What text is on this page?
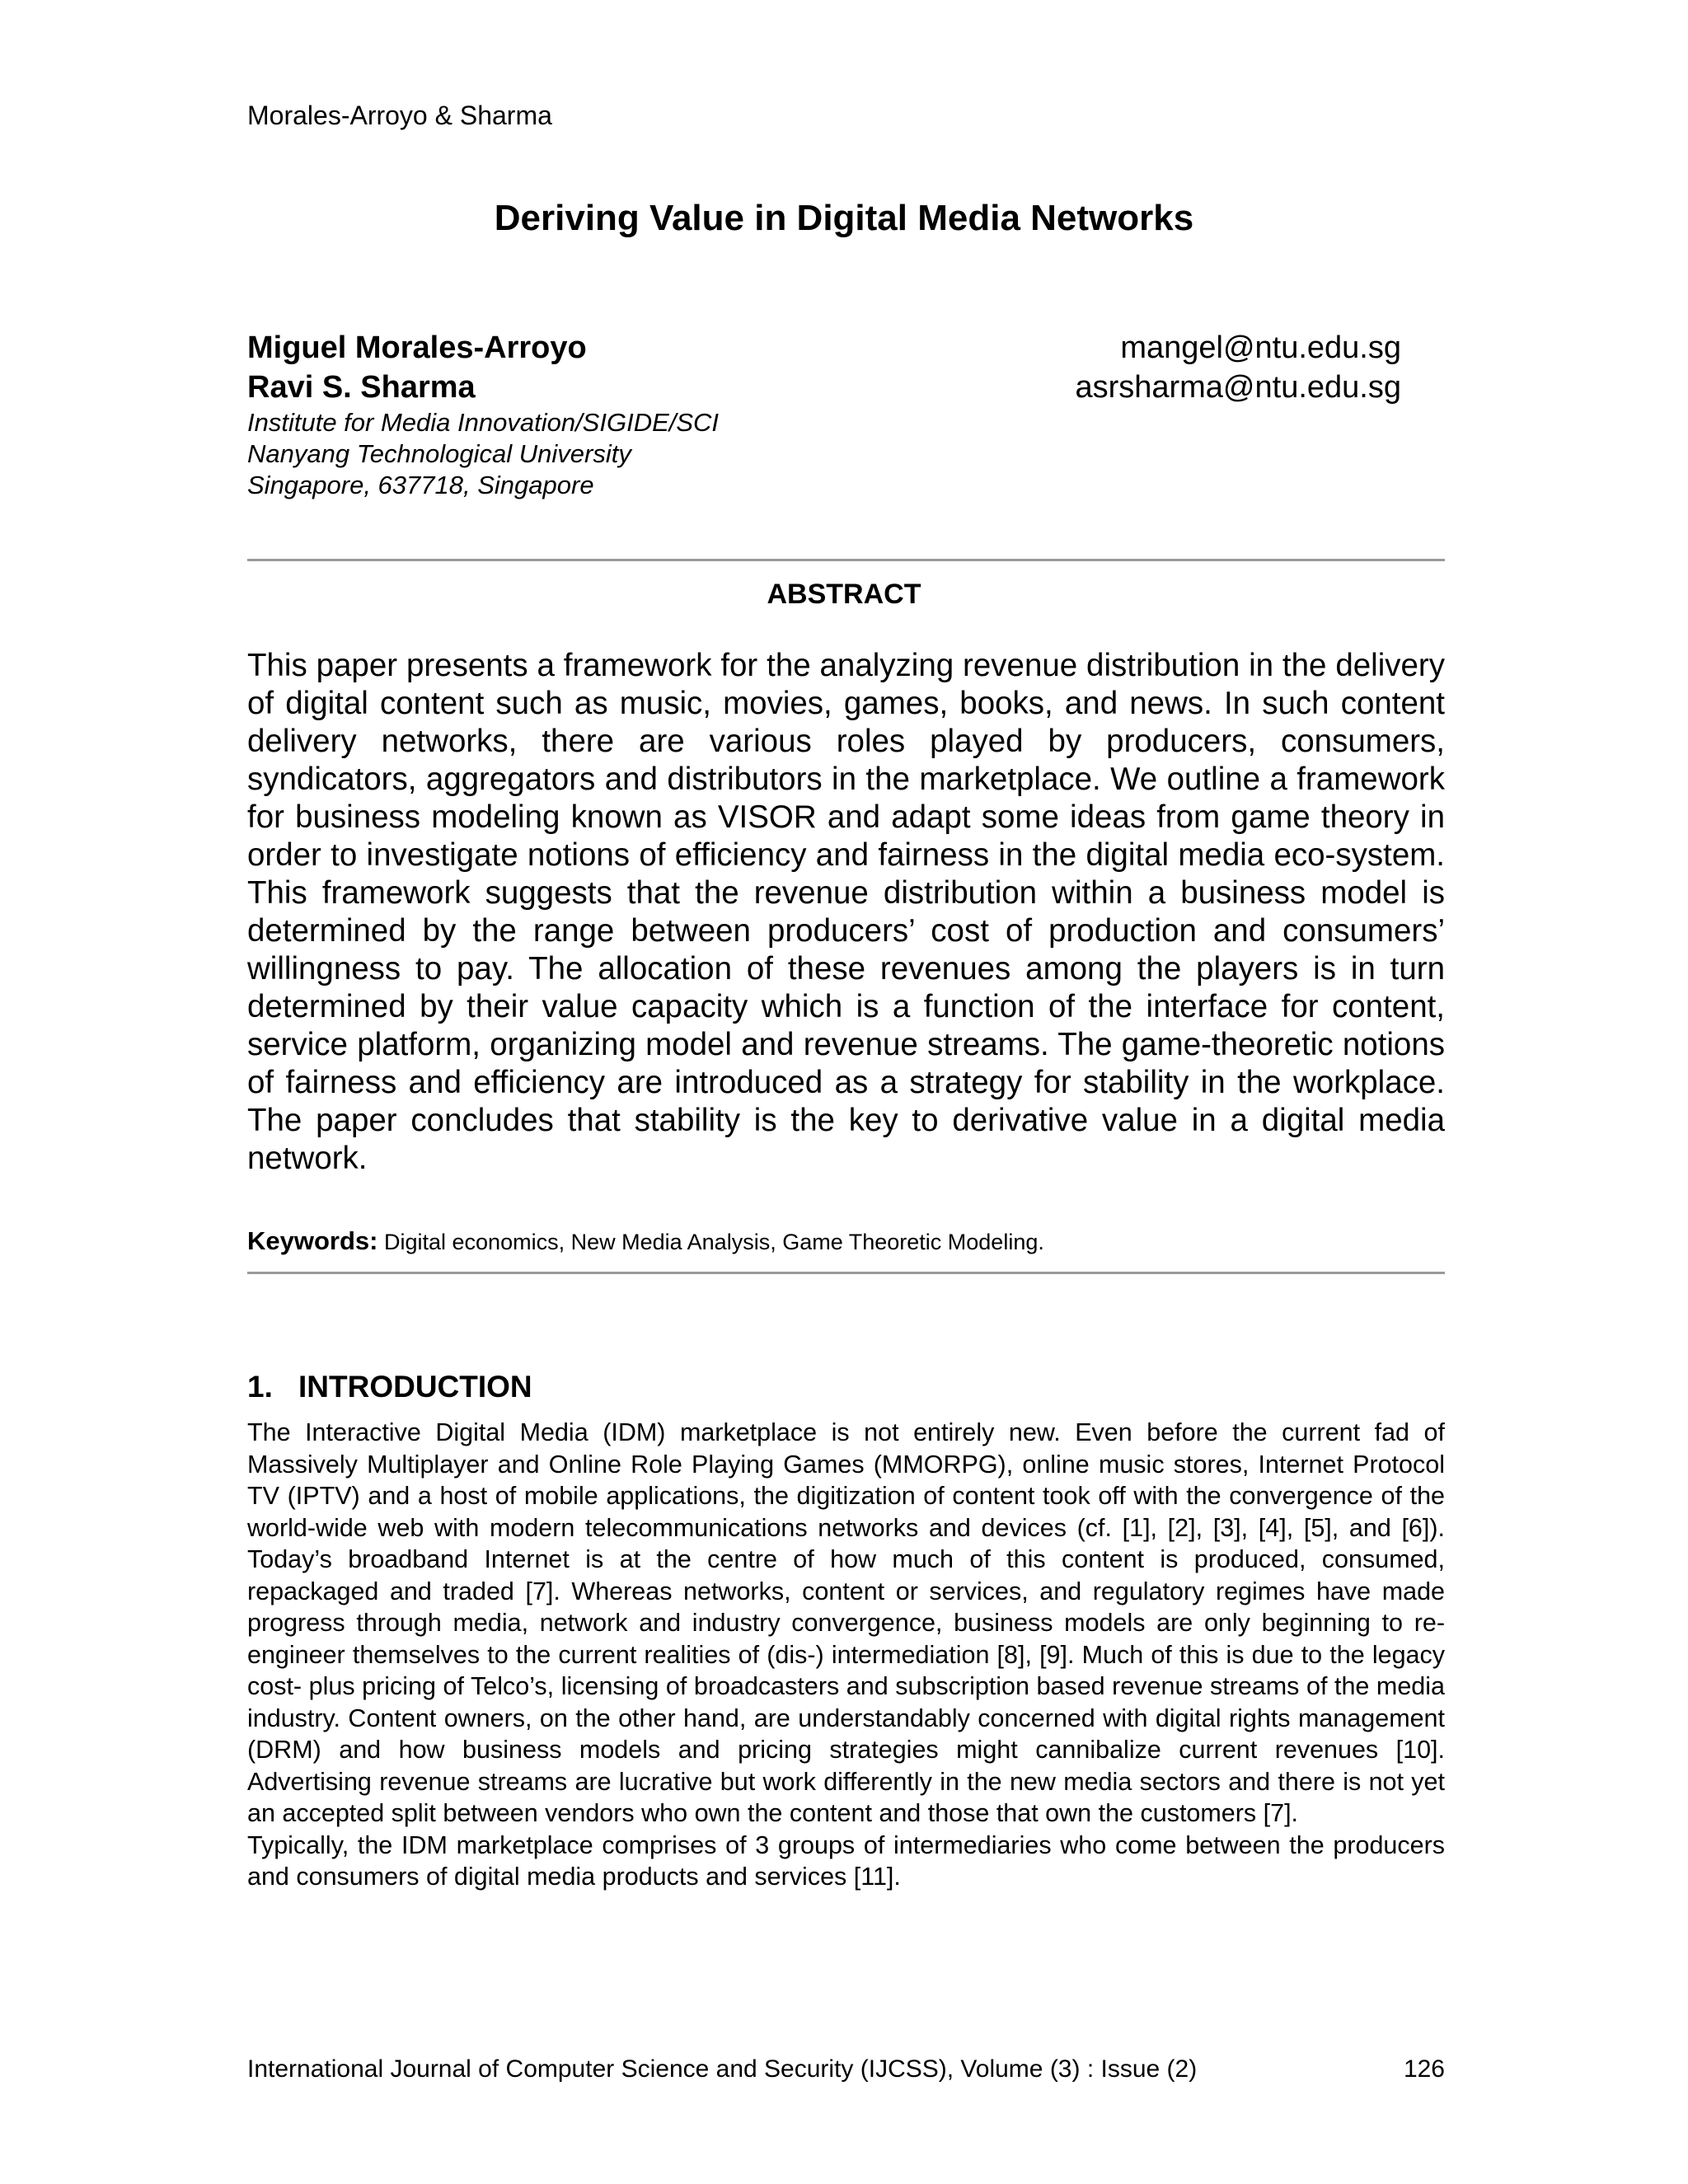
Morales-Arroyo & Sharma
Deriving Value in Digital Media Networks
Miguel Morales-Arroyo	mangel@ntu.edu.sg
Ravi S. Sharma	asrsharma@ntu.edu.sg
Institute for Media Innovation/SIGIDE/SCI
Nanyang Technological University
Singapore, 637718, Singapore
ABSTRACT
This paper presents a framework for the analyzing revenue distribution in the delivery of digital content such as music, movies, games, books, and news. In such content delivery networks, there are various roles played by producers, consumers, syndicators, aggregators and distributors in the marketplace. We outline a framework for business modeling known as VISOR and adapt some ideas from game theory in order to investigate notions of efficiency and fairness in the digital media eco-system. This framework suggests that the revenue distribution within a business model is determined by the range between producers’ cost of production and consumers’ willingness to pay. The allocation of these revenues among the players is in turn determined by their value capacity which is a function of the interface for content, service platform, organizing model and revenue streams. The game-theoretic notions of fairness and efficiency are introduced as a strategy for stability in the workplace. The paper concludes that stability is the key to derivative value in a digital media network.
Keywords: Digital economics, New Media Analysis, Game Theoretic Modeling.
1. INTRODUCTION

The Interactive Digital Media (IDM) marketplace is not entirely new. Even before the current fad of Massively Multiplayer and Online Role Playing Games (MMORPG), online music stores, Internet Protocol TV (IPTV) and a host of mobile applications, the digitization of content took off with the convergence of the world-wide web with modern telecommunications networks and devices (cf. [1], [2], [3], [4], [5], and [6]). Today’s broadband Internet is at the centre of how much of this content is produced, consumed, repackaged and traded [7]. Whereas networks, content or services, and regulatory regimes have made progress through media, network and industry convergence, business models are only beginning to re-engineer themselves to the current realities of (dis-) intermediation [8], [9]. Much of this is due to the legacy cost- plus pricing of Telco’s, licensing of broadcasters and subscription based revenue streams of the media industry. Content owners, on the other hand, are understandably concerned with digital rights management (DRM) and how business models and pricing strategies might cannibalize current revenues [10]. Advertising revenue streams are lucrative but work differently in the new media sectors and there is not yet an accepted split between vendors who own the content and those that own the customers [7].

Typically, the IDM marketplace comprises of 3 groups of intermediaries who come between the producers and consumers of digital media products and services [11].

International Journal of Computer Science and Security (IJCSS), Volume (3) : Issue (2)	126
